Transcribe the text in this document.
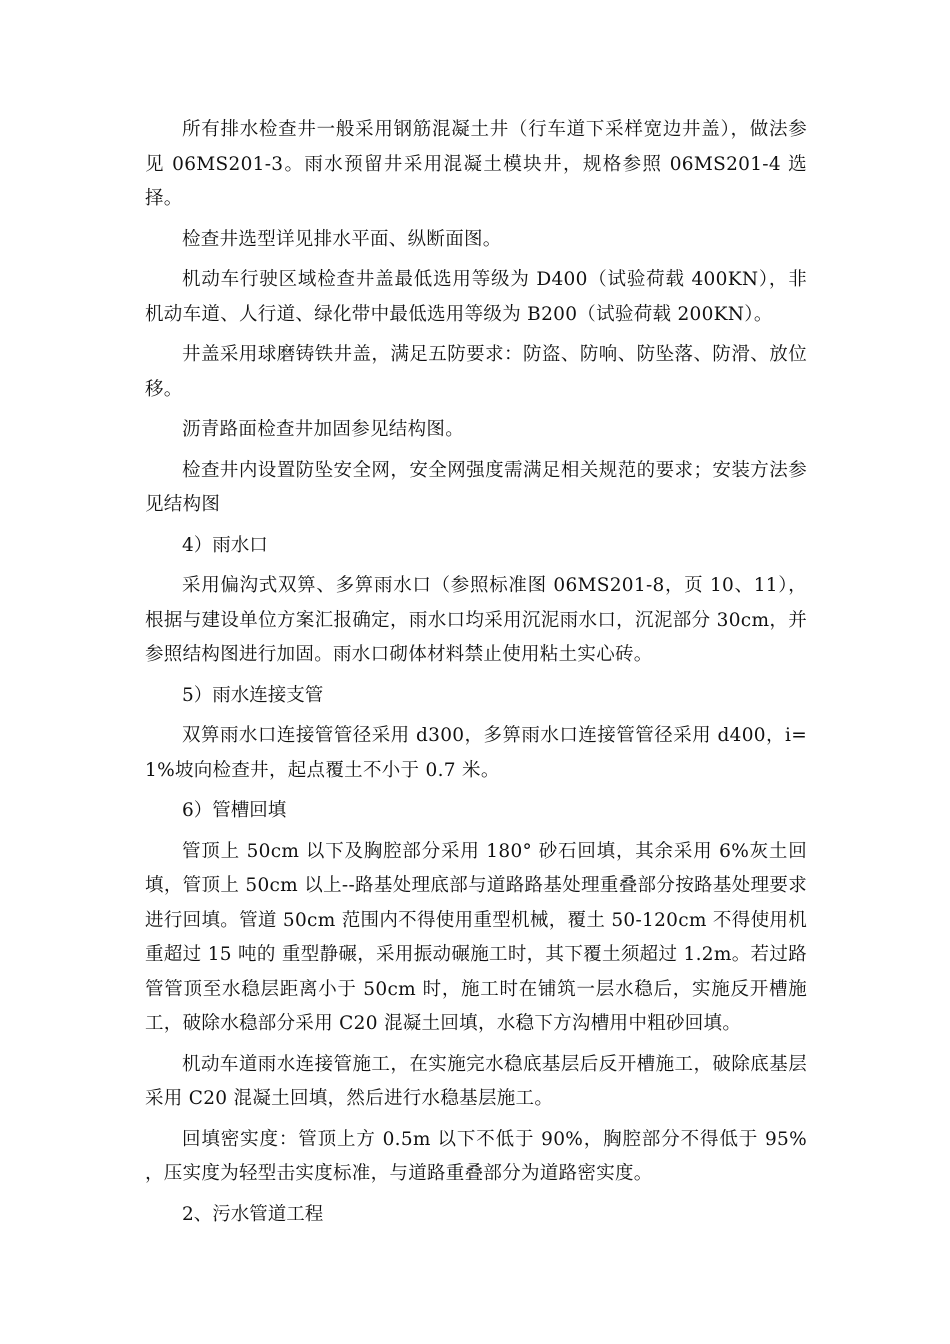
所有排水检查井一般采用钢筋混凝土井（行车道下采样宽边井盖），做法参见 06MS201-3。雨水预留井采用混凝土模块井，规格参照 06MS201-4 选择。

检查井选型详见排水平面、纵断面图。

机动车行驶区域检查井盖最低选用等级为 D400（试验荷载 400KN），非机动车道、人行道、绿化带中最低选用等级为 B200（试验荷载 200KN）。

井盖采用球磨铸铁井盖，满足五防要求：防盗、防响、防坠落、防滑、放位移。

沥青路面检查井加固参见结构图。

检查井内设置防坠安全网，安全网强度需满足相关规范的要求；安装方法参见结构图

4）雨水口

采用偏沟式双箅、多箅雨水口（参照标准图 06MS201-8，页 10、11），根据与建设单位方案汇报确定，雨水口均采用沉泥雨水口，沉泥部分 30cm，并参照结构图进行加固。雨水口砌体材料禁止使用粘土实心砖。

5）雨水连接支管

双箅雨水口连接管管径采用 d300，多箅雨水口连接管管径采用 d400，i=1%坡向检查井，起点覆土不小于 0.7 米。

6）管槽回填

管顶上 50cm 以下及胸腔部分采用 180° 砂石回填，其余采用 6%灰土回填，管顶上 50cm 以上--路基处理底部与道路路基处理重叠部分按路基处理要求进行回填。管道 50cm 范围内不得使用重型机械，覆土 50-120cm 不得使用机重超过 15 吨的 重型静碾，采用振动碾施工时，其下覆土须超过 1.2m。若过路管管顶至水稳层距离小于 50cm 时，施工时在铺筑一层水稳后，实施反开槽施工，破除水稳部分采用 C20 混凝土回填，水稳下方沟槽用中粗砂回填。

机动车道雨水连接管施工，在实施完水稳底基层后反开槽施工，破除底基层采用 C20 混凝土回填，然后进行水稳基层施工。

回填密实度：管顶上方 0.5m 以下不低于 90%，胸腔部分不得低于 95% ，压实度为轻型击实度标准，与道路重叠部分为道路密实度。

2、污水管道工程
